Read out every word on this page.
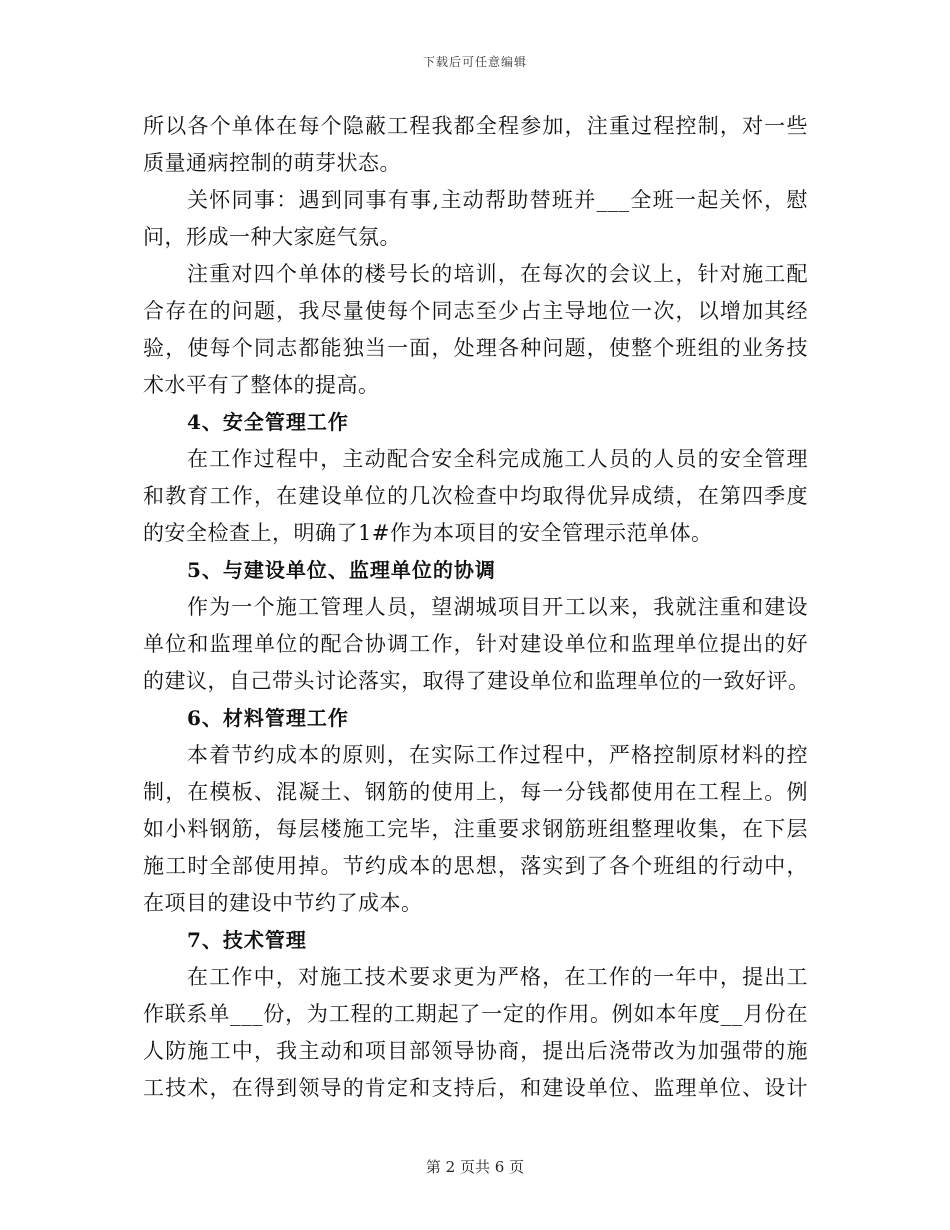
下载后可任意编辑
所以各个单体在每个隐蔽工程我都全程参加，注重过程控制，对一些
质量通病控制的萌芽状态。
关怀同事：遇到同事有事,主动帮助替班并___全班一起关怀，慰
问，形成一种大家庭气氛。
注重对四个单体的楼号长的培训，在每次的会议上，针对施工配
合存在的问题，我尽量使每个同志至少占主导地位一次，以增加其经
验，使每个同志都能独当一面，处理各种问题，使整个班组的业务技
术水平有了整体的提高。
4、安全管理工作
在工作过程中，主动配合安全科完成施工人员的人员的安全管理
和教育工作，在建设单位的几次检查中均取得优异成绩，在第四季度
的安全检查上，明确了1#作为本项目的安全管理示范单体。
5、与建设单位、监理单位的协调
作为一个施工管理人员，望湖城项目开工以来，我就注重和建设
单位和监理单位的配合协调工作，针对建设单位和监理单位提出的好
的建议，自己带头讨论落实，取得了建设单位和监理单位的一致好评。
6、材料管理工作
本着节约成本的原则，在实际工作过程中，严格控制原材料的控
制，在模板、混凝土、钢筋的使用上，每一分钱都使用在工程上。例
如小料钢筋，每层楼施工完毕，注重要求钢筋班组整理收集，在下层
施工时全部使用掉。节约成本的思想，落实到了各个班组的行动中，
在项目的建设中节约了成本。
7、技术管理
在工作中，对施工技术要求更为严格，在工作的一年中，提出工
作联系单___份，为工程的工期起了一定的作用。例如本年度__月份在
人防施工中，我主动和项目部领导协商，提出后浇带改为加强带的施
工技术，在得到领导的肯定和支持后，和建设单位、监理单位、设计
第 2 页共 6 页
